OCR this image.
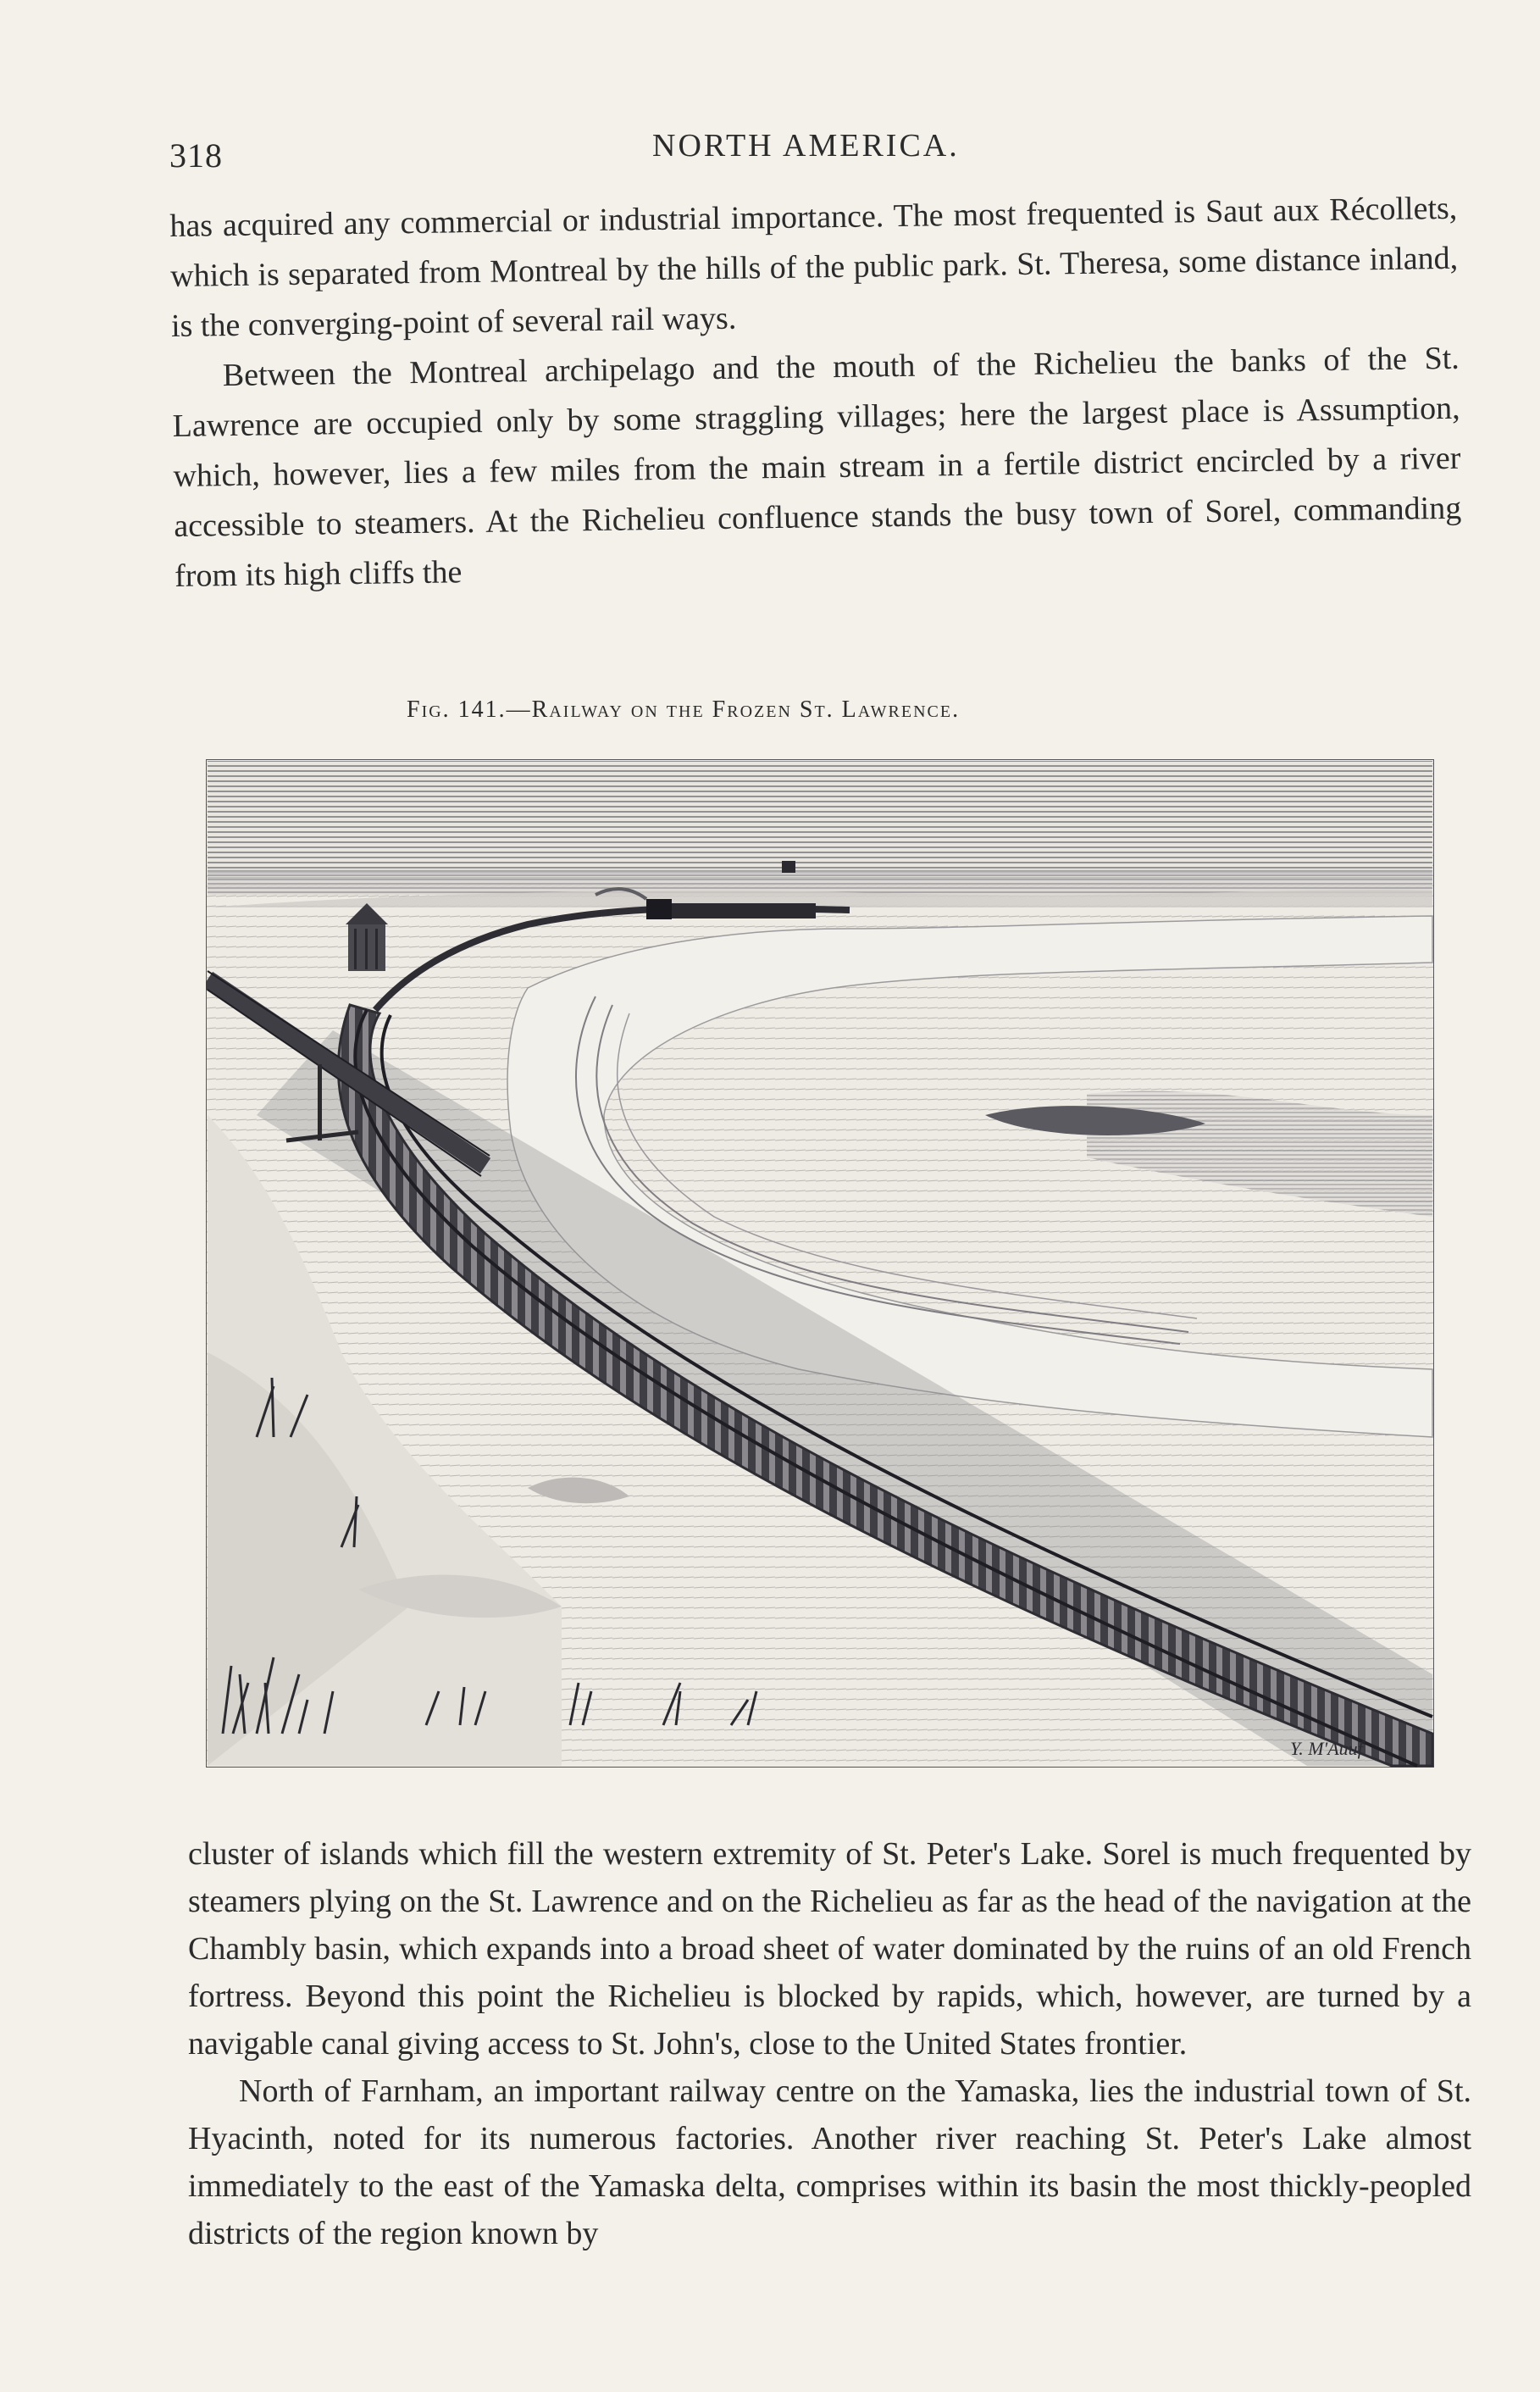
318	NORTH AMERICA.

has acquired any commercial or industrial importance. The most frequented is Saut aux Récollets, which is separated from Montreal by the hills of the public park. St. Theresa, some distance inland, is the converging-point of several rail ways.

Between the Montreal archipelago and the mouth of the Richelieu the banks of the St. Lawrence are occupied only by some straggling villages; here the largest place is Assumption, which, however, lies a few miles from the main stream in a fertile district encircled by a river accessible to steamers. At the Richelieu confluence stands the busy town of Sorel, commanding from its high cliffs the

Fig. 141.—Railway on the Frozen St. Lawrence.
Y. M'Auuf

cluster of islands which fill the western extremity of St. Peter's Lake. Sorel is much frequented by steamers plying on the St. Lawrence and on the Richelieu as far as the head of the navigation at the Chambly basin, which expands into a broad sheet of water dominated by the ruins of an old French fortress. Beyond this point the Richelieu is blocked by rapids, which, however, are turned by a navigable canal giving access to St. John's, close to the United States frontier.

North of Farnham, an important railway centre on the Yamaska, lies the industrial town of St. Hyacinth, noted for its numerous factories. Another river reaching St. Peter's Lake almost immediately to the east of the Yamaska delta, comprises within its basin the most thickly-peopled districts of the region known by
